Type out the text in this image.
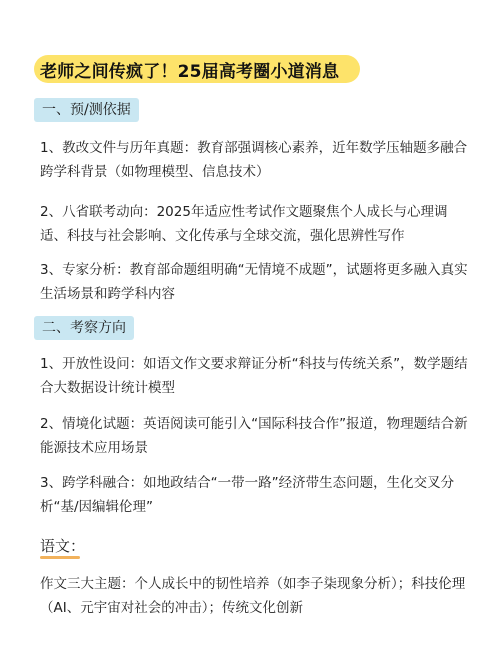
老师之间传疯了！25届高考圈小道消息
一、预/测依据
1、教改文件与历年真题：教育部强调核心素养，近年数学压轴题多融合跨学科背景（如物理模型、信息技术）
2、八省联考动向：2025年适应性考试作文题聚焦个人成长与心理调适、科技与社会影响、文化传承与全球交流，强化思辨性写作
3、专家分析：教育部命题组明确“无情境不成题”，试题将更多融入真实生活场景和跨学科内容
二、考察方向
1、开放性设问：如语文作文要求辩证分析“科技与传统关系”，数学题结合大数据设计统计模型
2、情境化试题：英语阅读可能引入“国际科技合作”报道，物理题结合新能源技术应用场景
3、跨学科融合：如地政结合“一带一路”经济带生态问题，生化交叉分析“基/因编辑伦理”
语文：
作文三大主题：个人成长中的韧性培养（如李子柒现象分析）；科技伦理（AI、元宇宙对社会的冲击）；传统文化创新
